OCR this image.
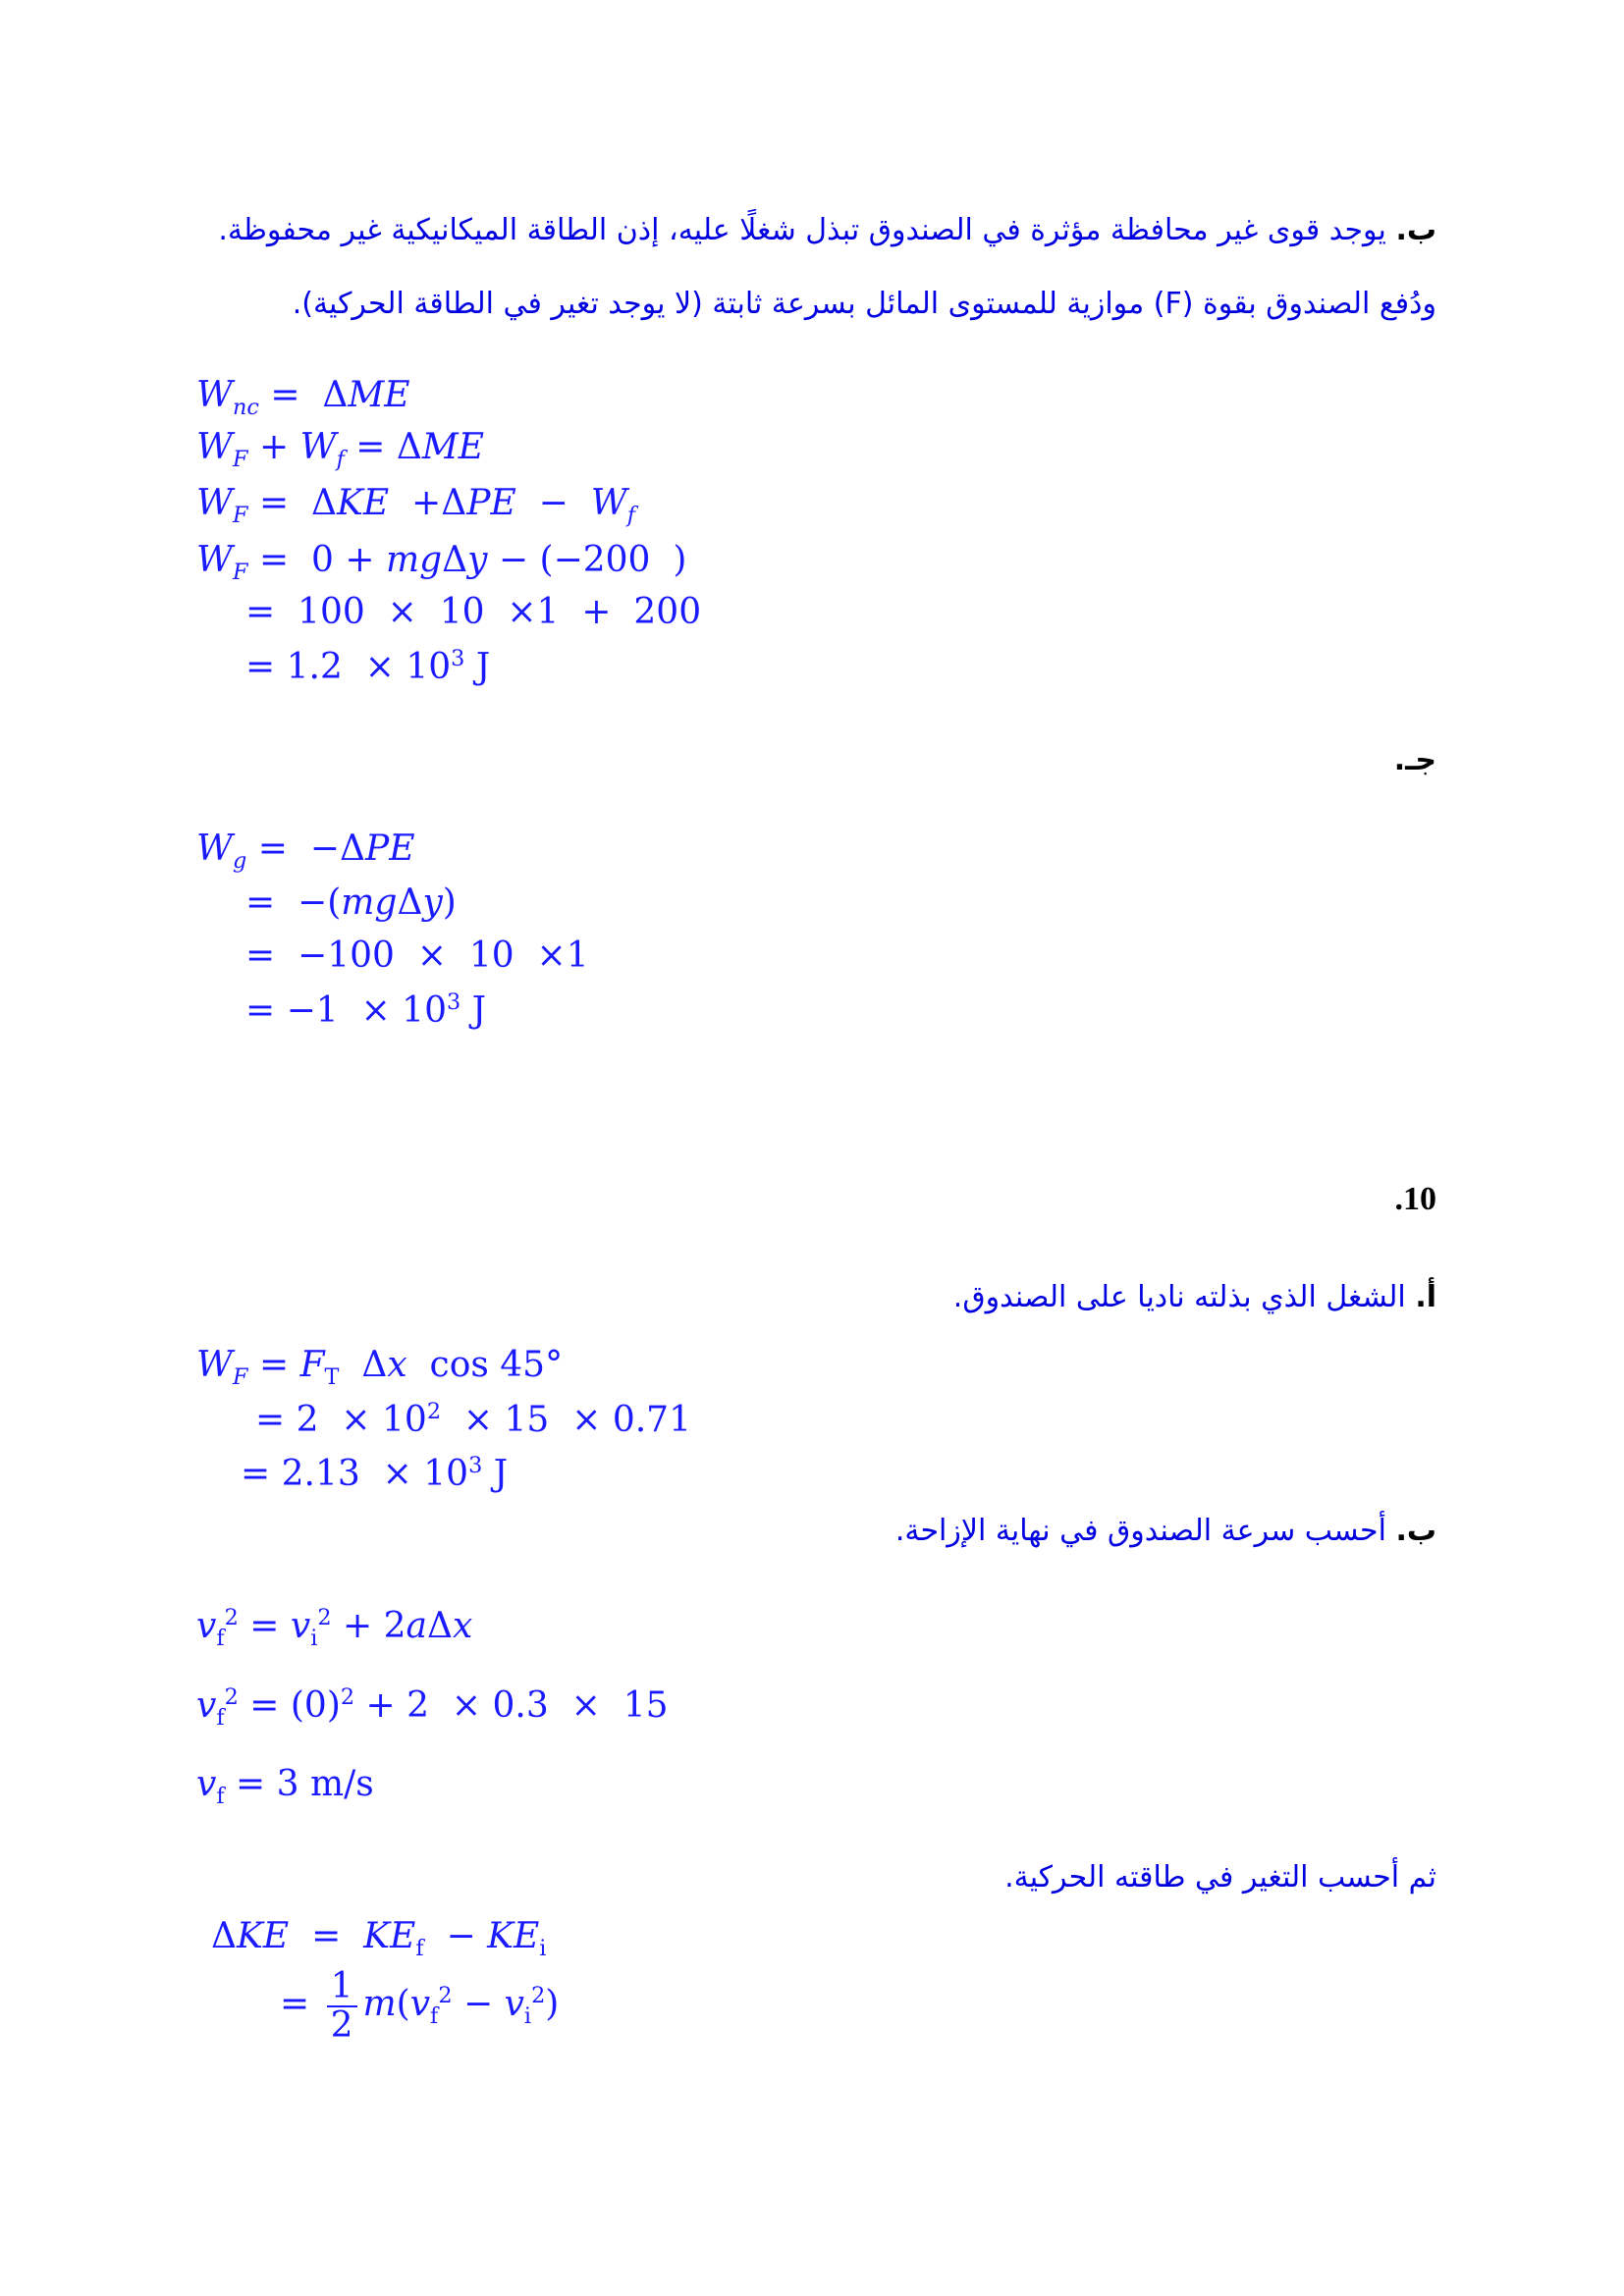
ب. يوجد قوى غير محافظة مؤثرة في الصندوق تبذل شغلًا عليه، إذن الطاقة الميكانيكية غير محفوظة.
ودُفع الصندوق بقوة (F) موازية للمستوى المائل بسرعة ثابتة (لا يوجد تغير في الطاقة الحركية).
$W_{nc} = \Delta ME$
$W_F + W_f = \Delta ME$
$W_F = \Delta KE +\Delta PE - W_f$
$W_F = 0 + mg\Delta y - (-200$  )
=  100  ×  10  ×1  +  200
= $1.2 \times 10^3$ J
جـ.
$W_g = -\Delta PE$
=  −(mgΔy)
=  −100  ×  10  ×1
= $-1 \times 10^3$ J
.10
أ. الشغل الذي بذلته ناديا على الصندوق.
$W_F = F_T$  Δx  cos 45°
= $2 \times 10^2 \times 15 \times 0.71$
= $2.13 \times 10^3$ J
ب. أحسب سرعة الصندوق في نهاية الإزاحة.
$v_f^2 = v_i^2 + 2a\Delta x$
$v_f^2 = (0)^2 + 2 \times 0.3 \times 15$
$v_f = 3$ m/s
ثم أحسب التغير في طاقته الحركية.
$\Delta KE = KE_f - KE_i$
= $\frac{1}{2} m(v_f^2 - v_i^2)$
